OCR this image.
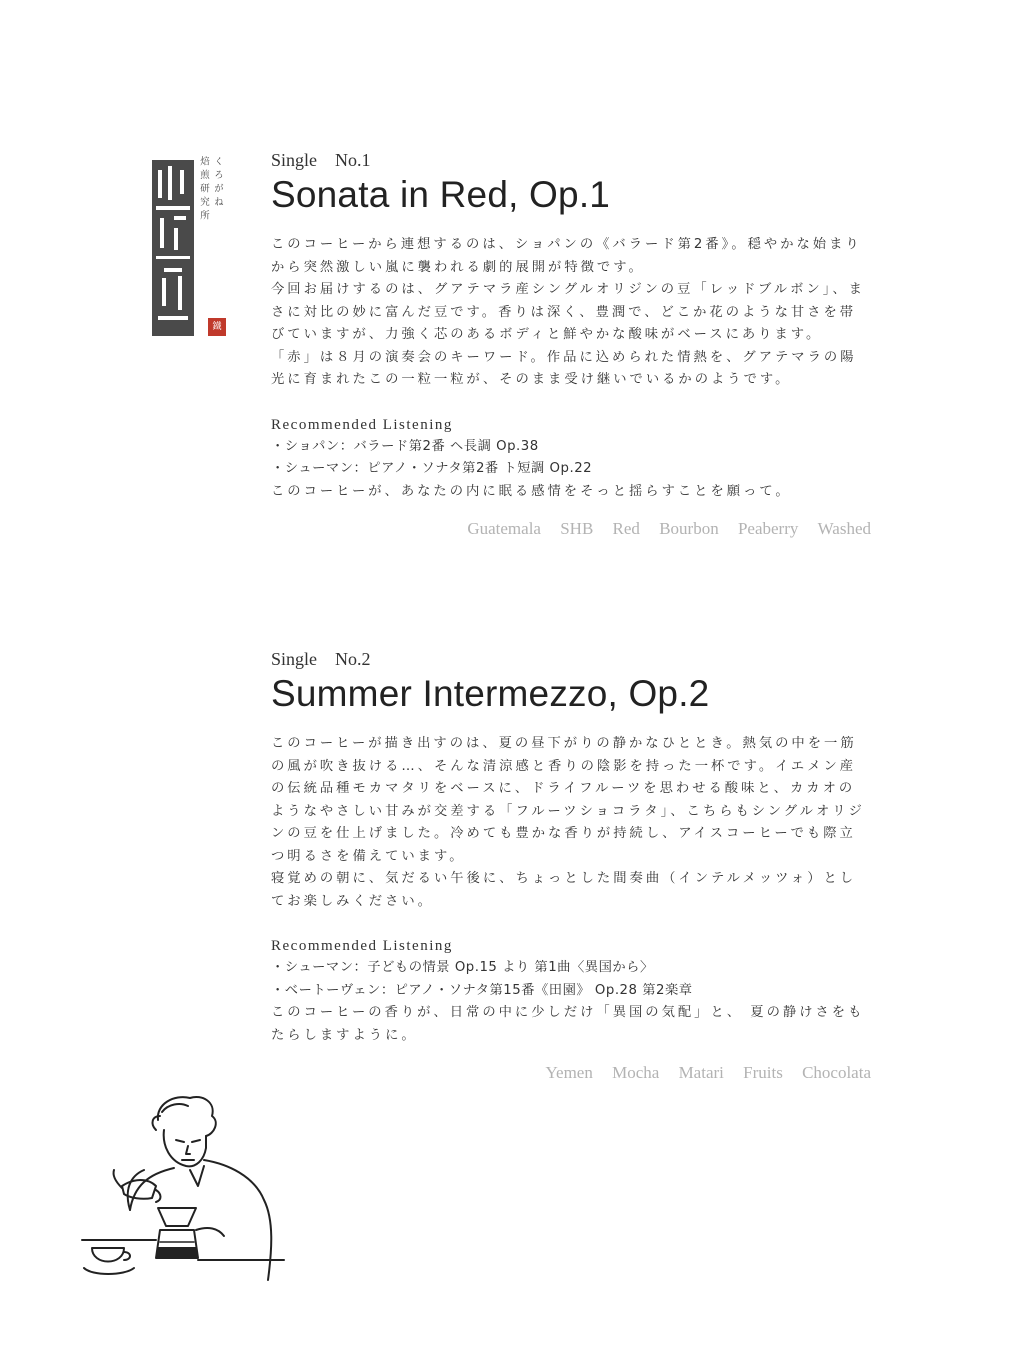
くろがね
焙煎研究所
鐵
Single No.1
Sonata in Red, Op.1

このコーヒーから連想するのは、ショパンの《バラード第2番》。穏やかな始まりから突然激しい嵐に襲われる劇的展開が特徴です。

今回お届けするのは、グアテマラ産シングルオリジンの豆「レッドブルボン」、まさに対比の妙に富んだ豆です。香りは深く、豊潤で、どこか花のような甘さを帯びていますが、力強く芯のあるボディと鮮やかな酸味がベースにあります。

「赤」は８月の演奏会のキーワード。作品に込められた情熱を、グアテマラの陽光に育まれたこの一粒一粒が、そのまま受け継いでいるかのようです。

Recommended Listening
・ショパン：バラード第2番 ヘ長調 Op.38
・シューマン：ピアノ・ソナタ第2番 ト短調 Op.22
このコーヒーが、あなたの内に眠る感情をそっと揺らすことを願って。
Guatemala SHB Red Bourbon Peaberry Washed
Single No.2
Summer Intermezzo, Op.2

このコーヒーが描き出すのは、夏の昼下がりの静かなひととき。熱気の中を一筋の風が吹き抜ける…、そんな清涼感と香りの陰影を持った一杯です。イエメン産の伝統品種モカマタリをベースに、ドライフルーツを思わせる酸味と、カカオのようなやさしい甘みが交差する「フルーツショコラタ」、こちらもシングルオリジンの豆を仕上げました。冷めても豊かな香りが持続し、アイスコーヒーでも際立つ明るさを備えています。

寝覚めの朝に、気だるい午後に、ちょっとした間奏曲（インテルメッツォ）としてお楽しみください。

Recommended Listening
・シューマン：子どもの情景 Op.15 より 第1曲〈異国から〉
・ベートーヴェン：ピアノ・ソナタ第15番《田園》 Op.28 第2楽章
このコーヒーの香りが、日常の中に少しだけ「異国の気配」と、 夏の静けさをもたらしますように。
Yemen Mocha Matari Fruits Chocolata
